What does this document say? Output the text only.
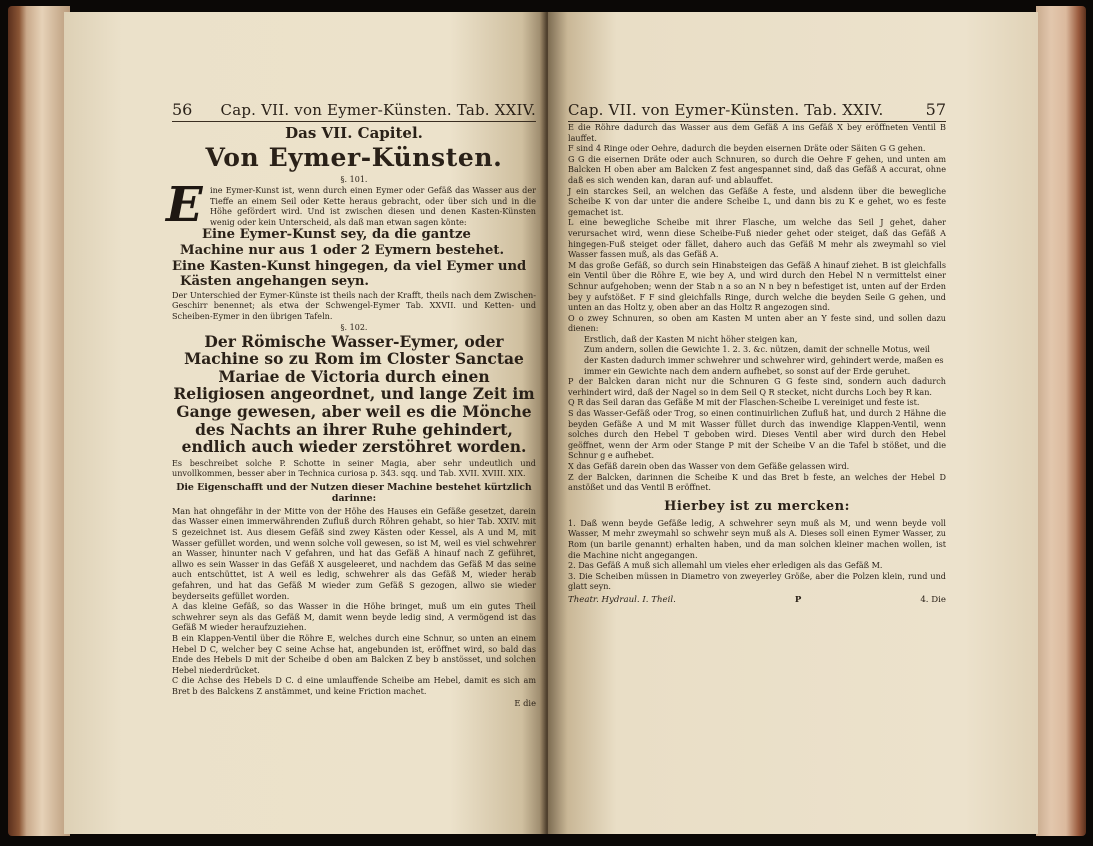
56 Cap. VII. von Eymer-Künsten. Tab. XXIV.
Das VII. Capitel.
Von Eymer-Künsten.
§. 101.
E ine Eymer-Kunst ist, wenn durch einen Eymer oder Gefäß das Wasser aus der Tieffe an einem Seil oder Kette heraus gebracht, oder über sich und in die Höhe gefördert wird. Und ist zwischen diesen und denen Kasten-Künsten wenig oder kein Unterscheid, als daß man etwan sagen könte:

Eine Eymer-Kunst sey, da die gantze Machine nur aus 1 oder 2 Eymern bestehet.

Eine Kasten-Kunst hingegen, da viel Eymer und Kästen angehangen seyn.

Der Unterschied der Eymer-Künste ist theils nach der Krafft, theils nach dem Zwischen-Geschirr benennet; als etwa der Schwengel-Eymer Tab. XXVII. und Ketten- und Scheiben-Eymer in den übrigen Tafeln.

§. 102.
Der Römische Wasser-Eymer, oder Machine so zu Rom im Closter Sanctae Mariae de Victoria durch einen Religiosen angeordnet, und lange Zeit im Gange gewesen, aber weil es die Mönche des Nachts an ihrer Ruhe gehindert, endlich auch wieder zerstöhret worden.

Es beschreibet solche P. Schotte in seiner Magia, aber sehr undeutlich und unvollkommen, besser aber in Technica curiosa p. 343. sqq. und Tab. XVII. XVIII. XIX.

Die Eigenschafft und der Nutzen dieser Machine bestehet kürtzlich darinne:

Man hat ohngefähr in der Mitte von der Höhe des Hauses ein Gefäße gesetzet, darein das Wasser einen immerwährenden Zufluß durch Röhren gehabt, so hier Tab. XXIV. mit S gezeichnet ist. Aus diesem Gefäß sind zwey Kästen oder Kessel, als A und M, mit Wasser gefüllet worden, und wenn solche voll gewesen, so ist M, weil es viel schwehrer an Wasser, hinunter nach V gefahren, und hat das Gefäß A hinauf nach Z geführet, allwo es sein Wasser in das Gefäß X ausgeleeret, und nachdem das Gefäß M das seine auch entschüttet, ist A weil es ledig, schwehrer als das Gefäß M, wieder herab gefahren, und hat das Gefäß M wieder zum Gefäß S gezogen, allwo sie wieder beyderseits gefüllet worden.

A das kleine Gefäß, so das Wasser in die Höhe bringet, muß um ein gutes Theil schwehrer seyn als das Gefäß M, damit wenn beyde ledig sind, A vermögend ist das Gefäß M wieder heraufzuziehen.

B ein Klappen-Ventil über die Röhre E, welches durch eine Schnur, so unten an einem Hebel D C, welcher bey C seine Achse hat, angebunden ist, eröffnet wird, so bald das Ende des Hebels D mit der Scheibe d oben am Balcken Z bey b anstösset, und solchen Hebel niederdrücket.

C die Achse des Hebels D C. d eine umlauffende Scheibe am Hebel, damit es sich am Bret b des Balckens Z anstämmet, und keine Friction machet.

E die
Cap. VII. von Eymer-Künsten. Tab. XXIV.	57

E die Röhre dadurch das Wasser aus dem Gefäß A ins Gefäß X bey eröffneten Ventil B lauffet.

F sind 4 Ringe oder Oehre, dadurch die beyden eisernen Dräte oder Säiten G G gehen.

G G die eisernen Dräte oder auch Schnuren, so durch die Oehre F gehen, und unten am Balcken H oben aber am Balcken Z fest angespannet sind, daß das Gefäß A accurat, ohne daß es sich wenden kan, daran auf- und ablauffet.

J ein starckes Seil, an welchen das Gefäße A feste, und alsdenn über die bewegliche Scheibe K von dar unter die andere Scheibe L, und dann bis zu K e gehet, wo es feste gemachet ist.

L eine bewegliche Scheibe mit ihrer Flasche, um welche das Seil J gehet, daher verursachet wird, wenn diese Scheibe-Fuß nieder gehet oder steiget, daß das Gefäß A hingegen-Fuß steiget oder fället, dahero auch das Gefäß M mehr als zweymahl so viel Wasser fassen muß, als das Gefäß A.

M das große Gefäß, so durch sein Hinabsteigen das Gefäß A hinauf ziehet. B ist gleichfalls ein Ventil über die Röhre E, wie bey A, und wird durch den Hebel N n vermittelst einer Schnur aufgehoben; wenn der Stab n a so an N n bey n befestiget ist, unten auf der Erden bey y aufstößet. F F sind gleichfalls Ringe, durch welche die beyden Seile G gehen, und unten an das Holtz y, oben aber an das Holtz R angezogen sind.

O o zwey Schnuren, so oben am Kasten M unten aber an Y feste sind, und sollen dazu dienen:

Erstlich, daß der Kasten M nicht höher steigen kan,

Zum andern, sollen die Gewichte 1. 2. 3. &c. nützen, damit der schnelle Motus, weil der Kasten dadurch immer schwehrer und schwehrer wird, gehindert werde, maßen es immer ein Gewichte nach dem andern aufhebet, so sonst auf der Erde geruhet.

P der Balcken daran nicht nur die Schnuren G G feste sind, sondern auch dadurch verhindert wird, daß der Nagel so in dem Seil Q R stecket, nicht durchs Loch bey R kan.

Q R das Seil daran das Gefäße M mit der Flaschen-Scheibe L vereiniget und feste ist.

S das Wasser-Gefäß oder Trog, so einen continuirlichen Zufluß hat, und durch 2 Hähne die beyden Gefäße A und M mit Wasser füllet durch das inwendige Klappen-Ventil, wenn solches durch den Hebel T geboben wird. Dieses Ventil aber wird durch den Hebel geöffnet, wenn der Arm oder Stange P mit der Scheibe V an die Tafel b stößet, und die Schnur g e aufhebet.

X das Gefäß darein oben das Wasser von dem Gefäße gelassen wird.

Z der Balcken, darinnen die Scheibe K und das Bret b feste, an welches der Hebel D anstößet und das Ventil B eröffnet.

Hierbey ist zu mercken:

1. Daß wenn beyde Gefäße ledig, A schwehrer seyn muß als M, und wenn beyde voll Wasser, M mehr zweymahl so schwehr seyn muß als A. Dieses soll einen Eymer Wasser, zu Rom (un barile genannt) erhalten haben, und da man solchen kleiner machen wollen, ist die Machine nicht angegangen.

2. Das Gefäß A muß sich allemahl um vieles eher erledigen als das Gefäß M.

3. Die Scheiben müssen in Diametro von zweyerley Größe, aber die Polzen klein, rund und glatt seyn.

Theatr. Hydraul. I. Theil.	P	4. Die
